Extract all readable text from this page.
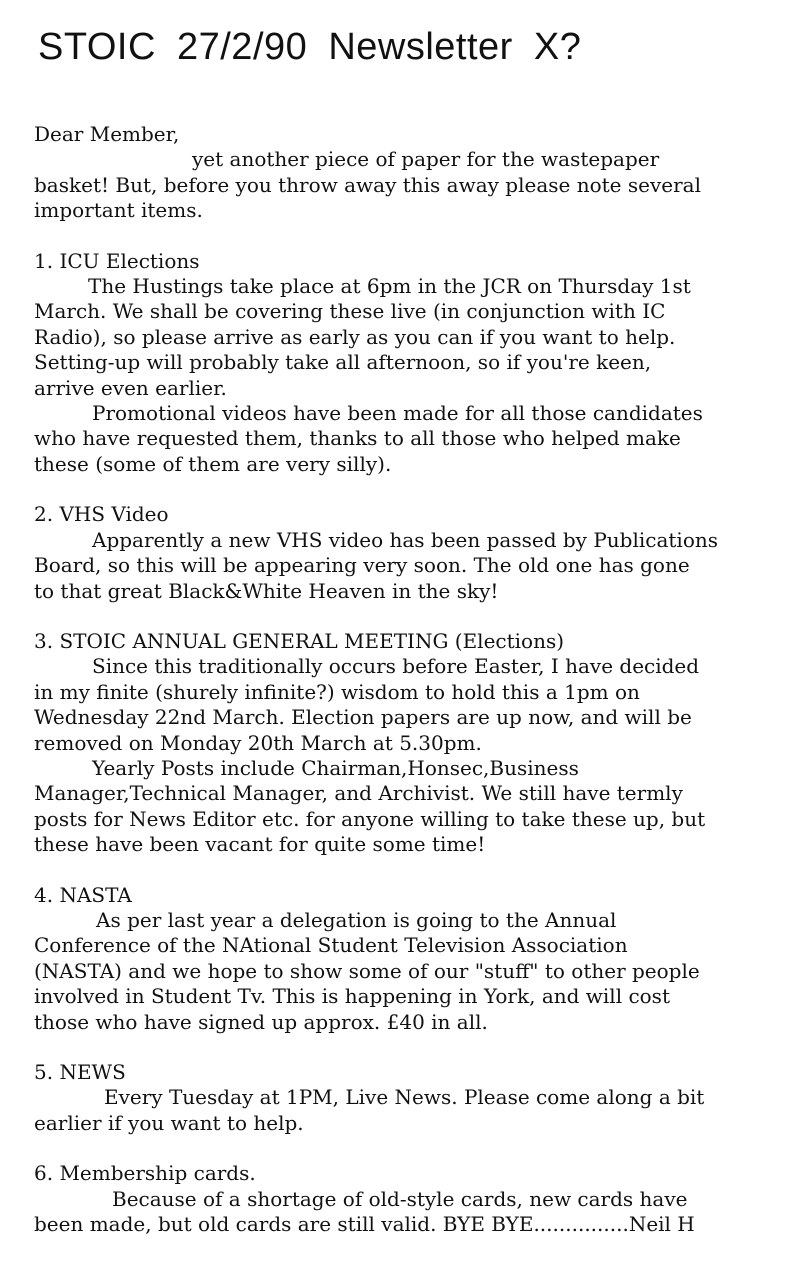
STOIC 27/2/90 Newsletter X?
Dear Member,
yet another piece of paper for the wastepaper
basket! But, before you throw away this away please note several
important items.
1. ICU Elections
The Hustings take place at 6pm in the JCR on Thursday 1st
March. We shall be covering these live (in conjunction with IC
Radio), so please arrive as early as you can if you want to help.
Setting-up will probably take all afternoon, so if you're keen,
arrive even earlier.
Promotional videos have been made for all those candidates
who have requested them, thanks to all those who helped make
these (some of them are very silly).
2. VHS Video
Apparently a new VHS video has been passed by Publications
Board, so this will be appearing very soon. The old one has gone
to that great Black&White Heaven in the sky!
3. STOIC ANNUAL GENERAL MEETING (Elections)
Since this traditionally occurs before Easter, I have decided
in my finite (shurely infinite?) wisdom to hold this a 1pm on
Wednesday 22nd March. Election papers are up now, and will be
removed on Monday 20th March at 5.30pm.
Yearly Posts include Chairman,Honsec,Business
Manager,Technical Manager, and Archivist. We still have termly
posts for News Editor etc. for anyone willing to take these up, but
these have been vacant for quite some time!
4. NASTA
As per last year a delegation is going to the Annual
Conference of the NAtional Student Television Association
(NASTA) and we hope to show some of our "stuff" to other people
involved in Student Tv. This is happening in York, and will cost
those who have signed up approx. £40 in all.
5. NEWS
Every Tuesday at 1PM, Live News. Please come along a bit
earlier if you want to help.
6. Membership cards.
Because of a shortage of old-style cards, new cards have
been made, but old cards are still valid. BYE BYE...............Neil H
